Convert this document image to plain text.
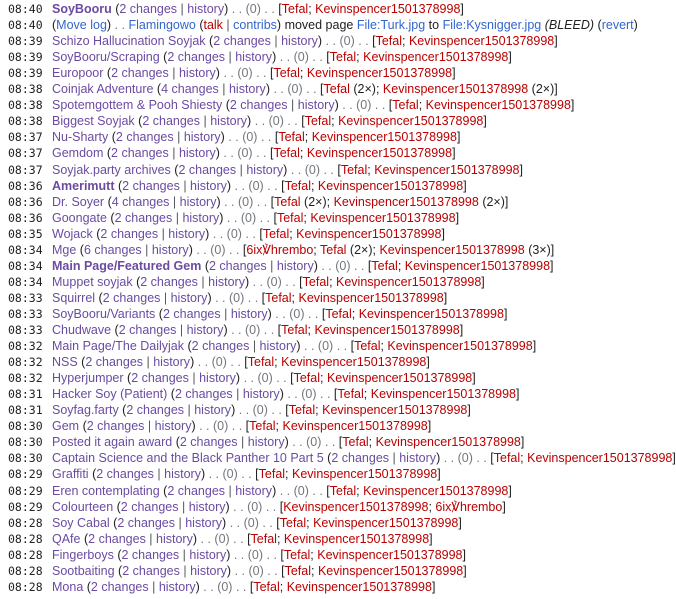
08:40 SoyBooru (2 changes | history) . . (0) . . [Tefal; Kevinspencer1501378998]
08:40 (Move log) . . Flamingowo (talk | contribs) moved page File:Turk.jpg to File:Kysnigger.jpg (BLEED) (revert)
08:39 Schizo Hallucination Soyjak (2 changes | history) . . (0) . . [Tefal; Kevinspencer1501378998]
08:39 SoyBooru/Scraping (2 changes | history) . . (0) . . [Tefal; Kevinspencer1501378998]
08:39 Europoor (2 changes | history) . . (0) . . [Tefal; Kevinspencer1501378998]
08:38 Coinjak Adventure (4 changes | history) . . (0) . . [Tefal (2×); Kevinspencer1501378998 (2×)]
08:38 Spotemgottem & Pooh Shiesty (2 changes | history) . . (0) . . [Tefal; Kevinspencer1501378998]
08:38 Biggest Soyjak (2 changes | history) . . (0) . . [Tefal; Kevinspencer1501378998]
08:37 Nu-Sharty (2 changes | history) . . (0) . . [Tefal; Kevinspencer1501378998]
08:37 Gemdom (2 changes | history) . . (0) . . [Tefal; Kevinspencer1501378998]
08:37 Soyjak.party archives (2 changes | history) . . (0) . . [Tefal; Kevinspencer1501378998]
08:36 Amerimutt (2 changes | history) . . (0) . . [Tefal; Kevinspencer1501378998]
08:36 Dr. Soyer (4 changes | history) . . (0) . . [Tefal (2×); Kevinspencer1501378998 (2×)]
08:36 Goongate (2 changes | history) . . (0) . . [Tefal; Kevinspencer1501378998]
08:35 Wojack (2 changes | history) . . (0) . . [Tefal; Kevinspencer1501378998]
08:34 Mge (6 changes | history) . . (0) . . [6ix℣hrembo; Tefal (2×); Kevinspencer1501378998 (3×)]
08:34 Main Page/Featured Gem (2 changes | history) . . (0) . . [Tefal; Kevinspencer1501378998]
08:34 Muppet soyjak (2 changes | history) . . (0) . . [Tefal; Kevinspencer1501378998]
08:33 Squirrel (2 changes | history) . . (0) . . [Tefal; Kevinspencer1501378998]
08:33 SoyBooru/Variants (2 changes | history) . . (0) . . [Tefal; Kevinspencer1501378998]
08:33 Chudwave (2 changes | history) . . (0) . . [Tefal; Kevinspencer1501378998]
08:32 Main Page/The Dailyjak (2 changes | history) . . (0) . . [Tefal; Kevinspencer1501378998]
08:32 NSS (2 changes | history) . . (0) . . [Tefal; Kevinspencer1501378998]
08:32 Hyperjumper (2 changes | history) . . (0) . . [Tefal; Kevinspencer1501378998]
08:31 Hacker Soy (Patient) (2 changes | history) . . (0) . . [Tefal; Kevinspencer1501378998]
08:31 Soyfag.farty (2 changes | history) . . (0) . . [Tefal; Kevinspencer1501378998]
08:30 Gem (2 changes | history) . . (0) . . [Tefal; Kevinspencer1501378998]
08:30 Posted it again award (2 changes | history) . . (0) . . [Tefal; Kevinspencer1501378998]
08:30 Captain Science and the Black Panther 10 Part 5 (2 changes | history) . . (0) . . [Tefal; Kevinspencer1501378998]
08:29 Graffiti (2 changes | history) . . (0) . . [Tefal; Kevinspencer1501378998]
08:29 Eren contemplating (2 changes | history) . . (0) . . [Tefal; Kevinspencer1501378998]
08:29 Colourteen (2 changes | history) . . (0) . . [Kevinspencer1501378998; 6ix℣hrembo]
08:28 Soy Cabal (2 changes | history) . . (0) . . [Tefal; Kevinspencer1501378998]
08:28 QAfe (2 changes | history) . . (0) . . [Tefal; Kevinspencer1501378998]
08:28 Fingerboys (2 changes | history) . . (0) . . [Tefal; Kevinspencer1501378998]
08:28 Sootbaiting (2 changes | history) . . (0) . . [Tefal; Kevinspencer1501378998]
08:28 Mona (2 changes | history) . . (0) . . [Tefal; Kevinspencer1501378998]
